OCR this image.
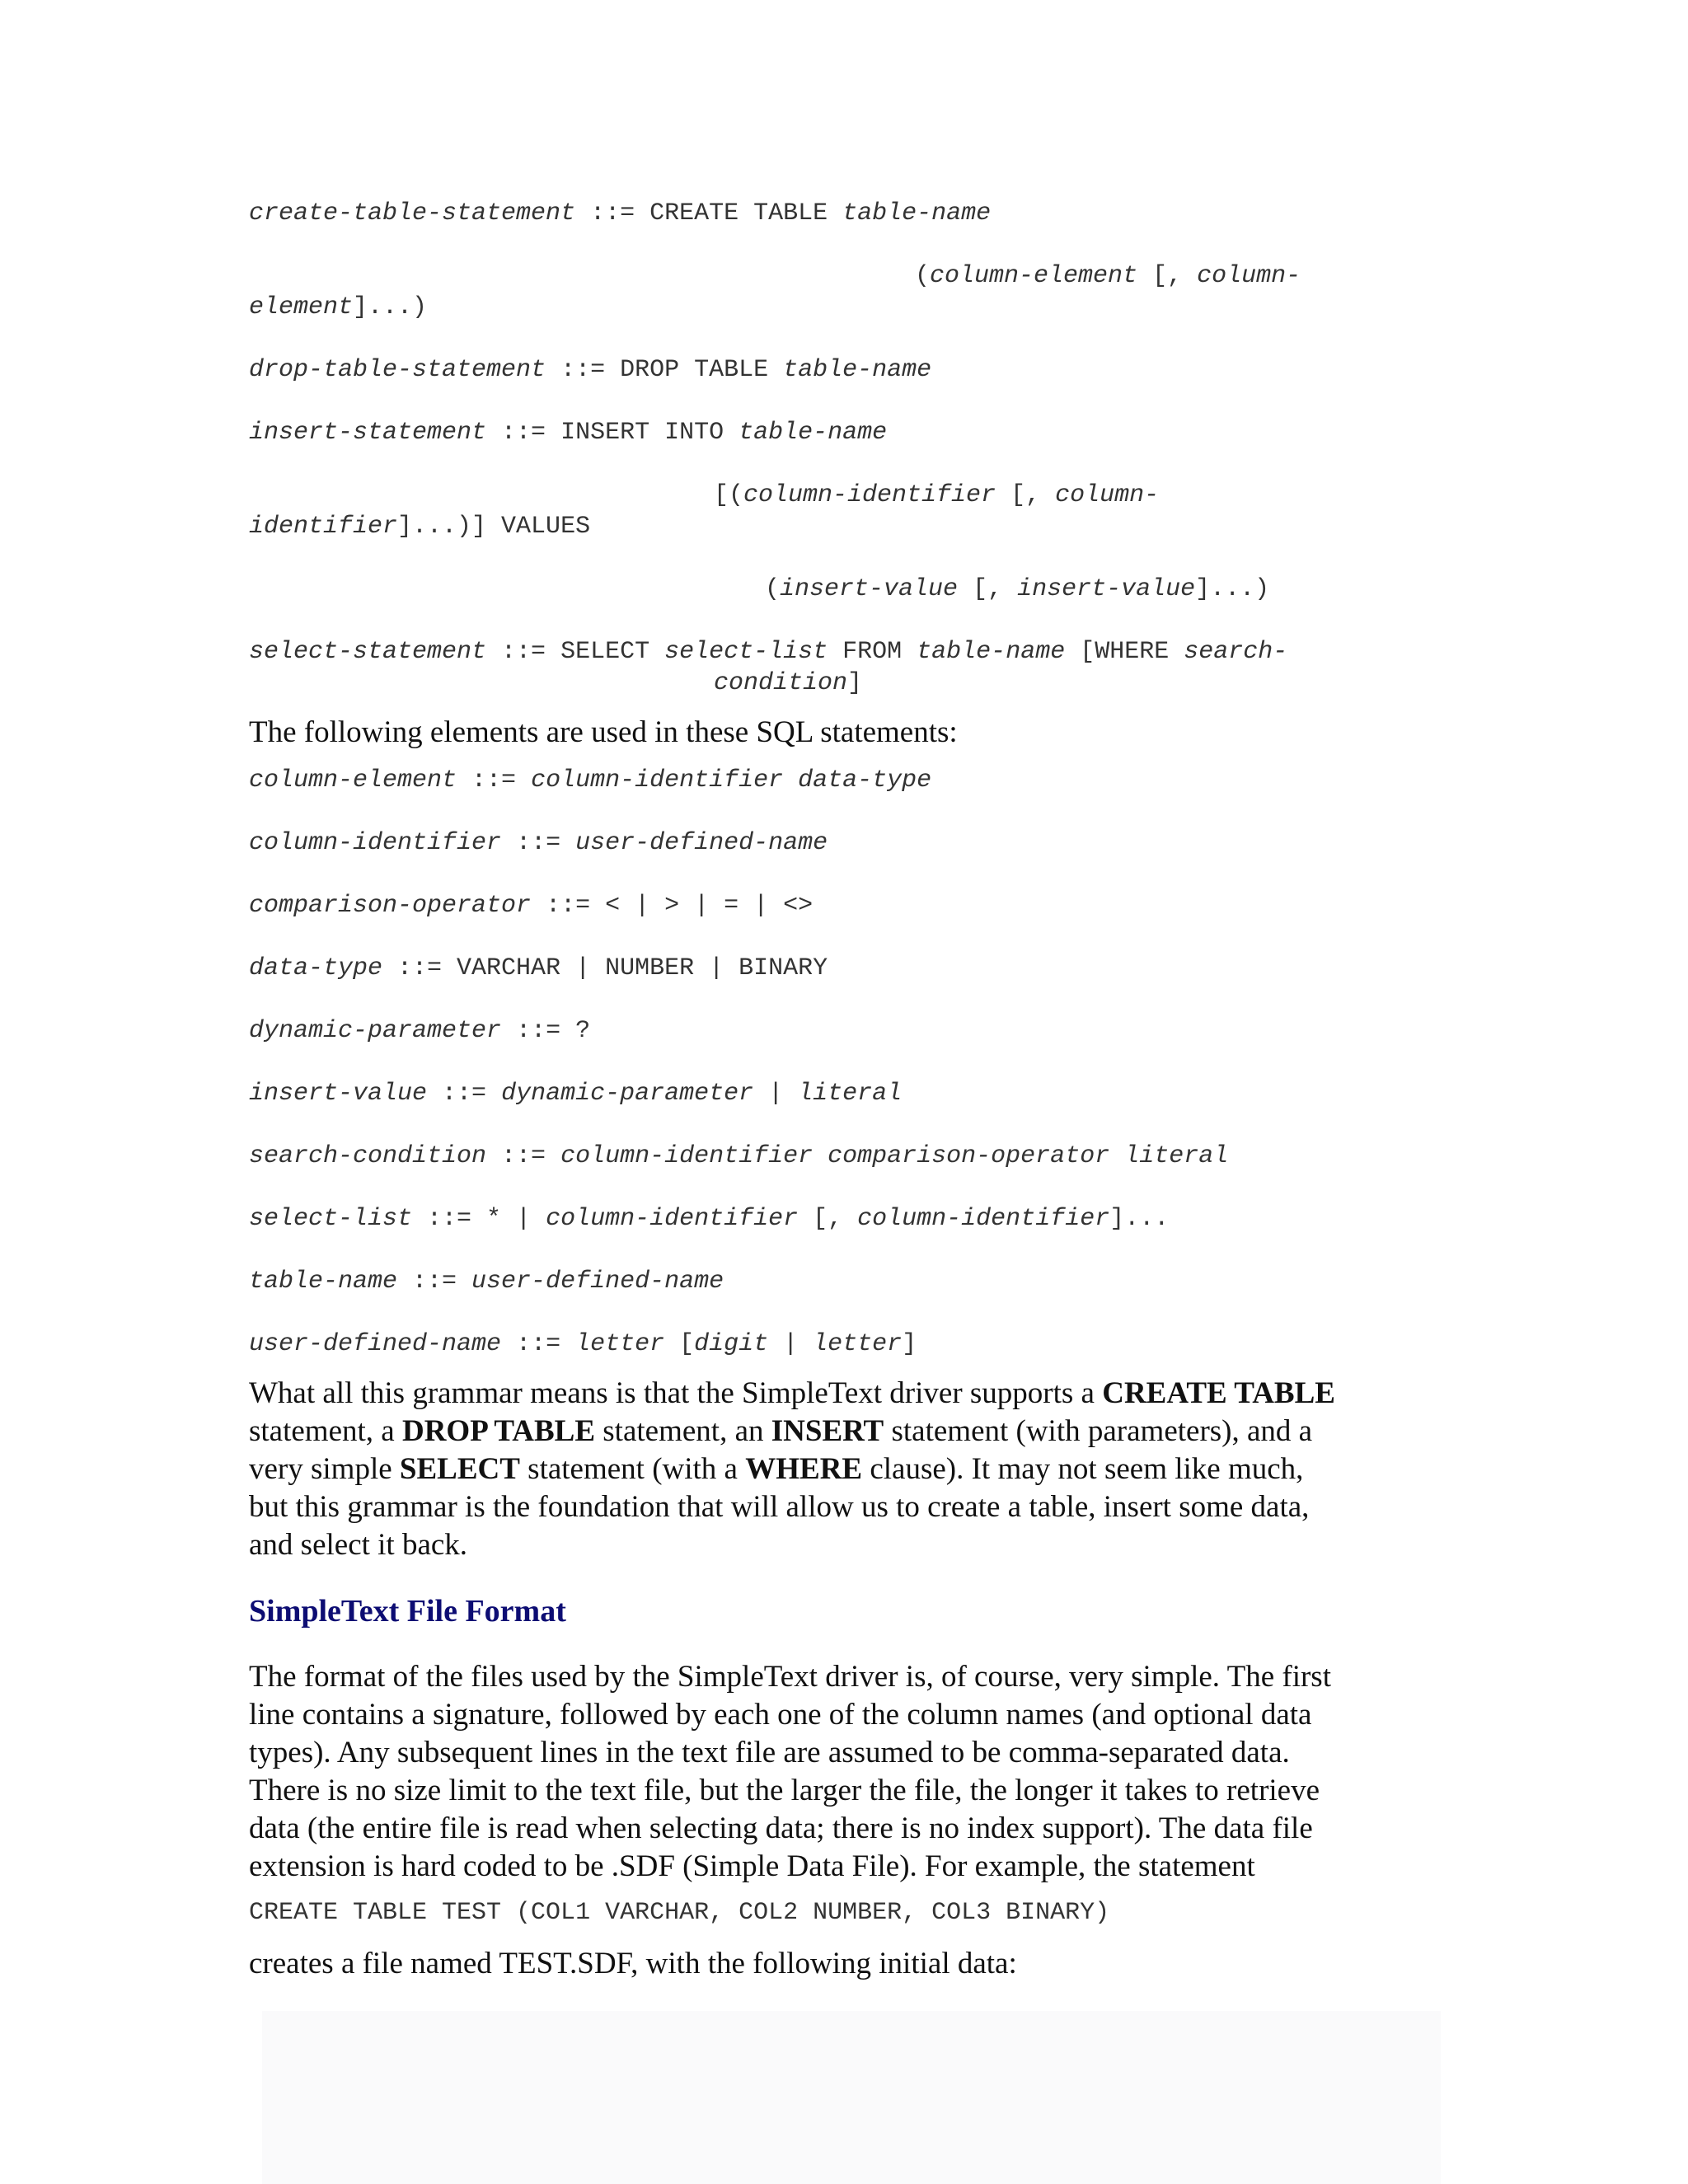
create-table-statement ::= CREATE TABLE table-name
(column-element [, column-
element]...)
drop-table-statement ::= DROP TABLE table-name
insert-statement ::= INSERT INTO table-name
[(column-identifier [, column-
identifier]...)] VALUES
(insert-value [, insert-value]...)
select-statement ::= SELECT select-list FROM table-name [WHERE search-
condition]
The following elements are used in these SQL statements:
column-element ::= column-identifier data-type
column-identifier ::= user-defined-name
comparison-operator ::= < | > | = | <>
data-type ::= VARCHAR | NUMBER | BINARY
dynamic-parameter ::= ?
insert-value ::= dynamic-parameter | literal
search-condition ::= column-identifier comparison-operator literal
select-list ::= * | column-identifier [, column-identifier]...
table-name ::= user-defined-name
user-defined-name ::= letter [digit | letter]
What all this grammar means is that the SimpleText driver supports a CREATE TABLE
statement, a DROP TABLE statement, an INSERT statement (with parameters), and a
very simple SELECT statement (with a WHERE clause). It may not seem like much,
but this grammar is the foundation that will allow us to create a table, insert some data,
and select it back.
SimpleText File Format
The format of the files used by the SimpleText driver is, of course, very simple. The first
line contains a signature, followed by each one of the column names (and optional data
types). Any subsequent lines in the text file are assumed to be comma-separated data.
There is no size limit to the text file, but the larger the file, the longer it takes to retrieve
data (the entire file is read when selecting data; there is no index support). The data file
extension is hard coded to be .SDF (Simple Data File). For example, the statement
CREATE TABLE TEST (COL1 VARCHAR, COL2 NUMBER, COL3 BINARY)
creates a file named TEST.SDF, with the following initial data:
